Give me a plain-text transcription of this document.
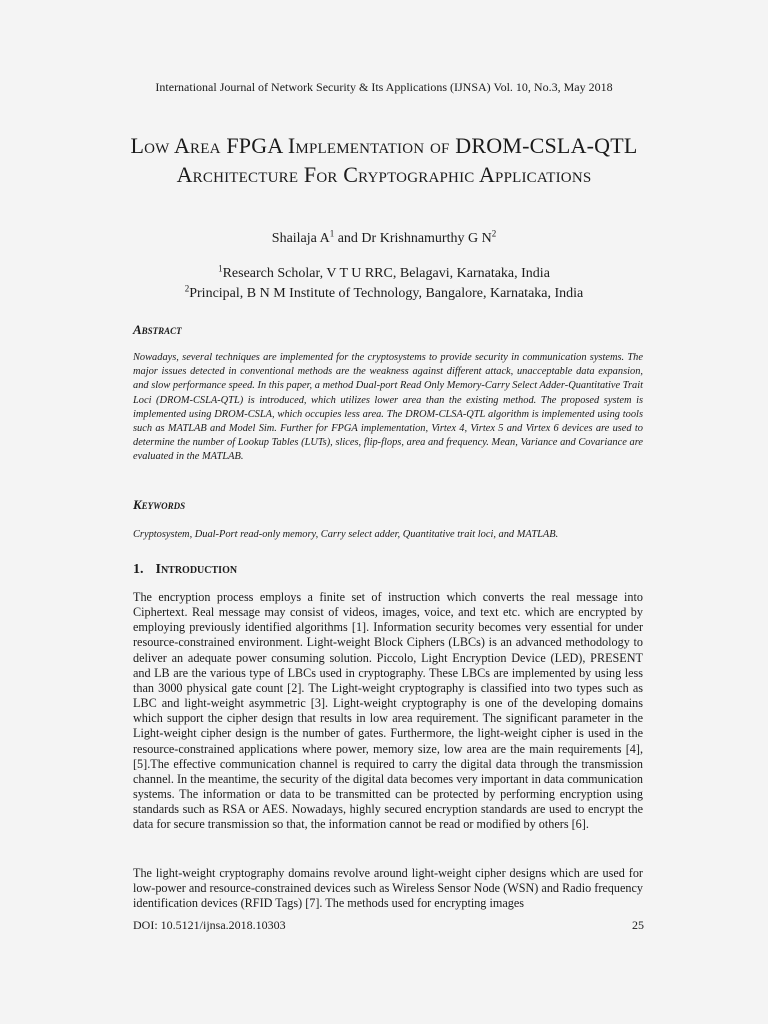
International Journal of Network Security & Its Applications (IJNSA) Vol. 10, No.3, May 2018
Low Area FPGA Implementation of DROM-CSLA-QTL Architecture For Cryptographic Applications
Shailaja $A^1$ and Dr Krishnamurthy G $N^2$
$^1$Research Scholar, V T U RRC, Belagavi, Karnataka, India
$^2$Principal, B N M Institute of Technology, Bangalore, Karnataka, India
Abstract
Nowadays, several techniques are implemented for the cryptosystems to provide security in communication systems. The major issues detected in conventional methods are the weakness against different attack, unacceptable data expansion, and slow performance speed. In this paper, a method Dual-port Read Only Memory-Carry Select Adder-Quantitative Trait Loci (DROM-CSLA-QTL) is introduced, which utilizes lower area than the existing method. The proposed system is implemented using DROM-CSLA, which occupies less area. The DROM-CLSA-QTL algorithm is implemented using tools such as MATLAB and Model Sim. Further for FPGA implementation, Virtex 4, Virtex 5 and Virtex 6 devices are used to determine the number of Lookup Tables (LUTs), slices, flip-flops, area and frequency. Mean, Variance and Covariance are evaluated in the MATLAB.
Keywords
Cryptosystem, Dual-Port read-only memory, Carry select adder, Quantitative trait loci, and MATLAB.
1. Introduction
The encryption process employs a finite set of instruction which converts the real message into Ciphertext. Real message may consist of videos, images, voice, and text etc. which are encrypted by employing previously identified algorithms [1]. Information security becomes very essential for under resource-constrained environment. Light-weight Block Ciphers (LBCs) is an advanced methodology to deliver an adequate power consuming solution. Piccolo, Light Encryption Device (LED), PRESENT and LB are the various type of LBCs used in cryptography. These LBCs are implemented by using less than 3000 physical gate count [2]. The Light-weight cryptography is classified into two types such as LBC and light-weight asymmetric [3]. Light-weight cryptography is one of the developing domains which support the cipher design that results in low area requirement. The significant parameter in the Light-weight cipher design is the number of gates. Furthermore, the light-weight cipher is used in the resource-constrained applications where power, memory size, low area are the main requirements [4], [5].The effective communication channel is required to carry the digital data through the transmission channel. In the meantime, the security of the digital data becomes very important in data communication systems. The information or data to be transmitted can be protected by performing encryption using standards such as RSA or AES. Nowadays, highly secured encryption standards are used to encrypt the data for secure transmission so that, the information cannot be read or modified by others [6].
The light-weight cryptography domains revolve around light-weight cipher designs which are used for low-power and resource-constrained devices such as Wireless Sensor Node (WSN) and Radio frequency identification devices (RFID Tags) [7]. The methods used for encrypting images
DOI: 10.5121/ijnsa.2018.10303	25
